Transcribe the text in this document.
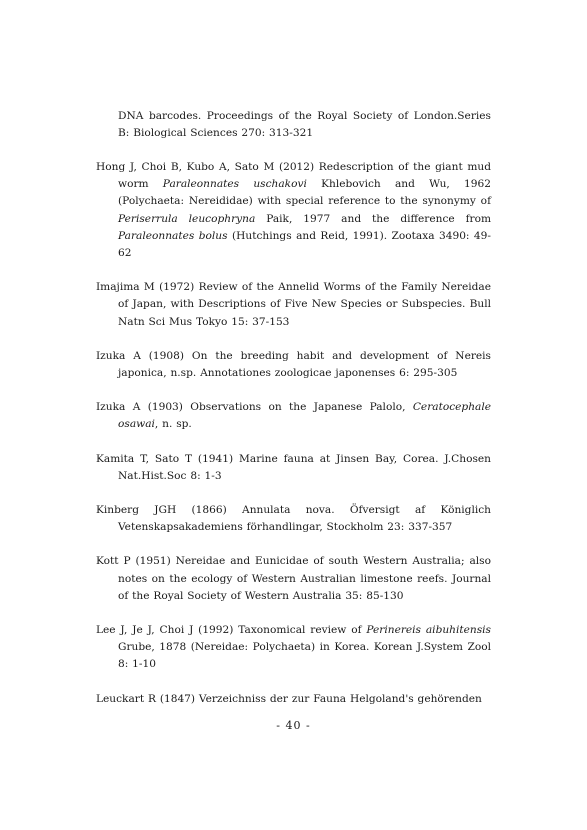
DNA barcodes. Proceedings of the Royal Society of London.Series B: Biological Sciences 270: 313-321

Hong J, Choi B, Kubo A, Sato M (2012) Redescription of the giant mud worm Paraleonnates uschakovi Khlebovich and Wu, 1962 (Polychaeta: Nereididae) with special reference to the synonymy of Periserrula leucophryna Paik, 1977 and the difference from Paraleonnates bolus (Hutchings and Reid, 1991). Zootaxa 3490: 49-62

Imajima M (1972) Review of the Annelid Worms of the Family Nereidae of Japan, with Descriptions of Five New Species or Subspecies. Bull Natn Sci Mus Tokyo 15: 37-153

Izuka A (1908) On the breeding habit and development of Nereis japonica, n.sp. Annotationes zoologicae japonenses 6: 295-305

Izuka A (1903) Observations on the Japanese Palolo, Ceratocephale osawai, n. sp.

Kamita T, Sato T (1941) Marine fauna at Jinsen Bay, Corea. J.Chosen Nat.Hist.Soc 8: 1-3

Kinberg JGH (1866) Annulata nova. Öfversigt af Königlich Vetenskapsakademiens förhandlingar, Stockholm 23: 337-357

Kott P (1951) Nereidae and Eunicidae of south Western Australia; also notes on the ecology of Western Australian limestone reefs. Journal of the Royal Society of Western Australia 35: 85-130

Lee J, Je J, Choi J (1992) Taxonomical review of Perinereis aibuhitensis Grube, 1878 (Nereidae: Polychaeta) in Korea. Korean J.System Zool 8: 1-10

Leuckart R (1847) Verzeichniss der zur Fauna Helgoland's gehörenden

- 40 -
